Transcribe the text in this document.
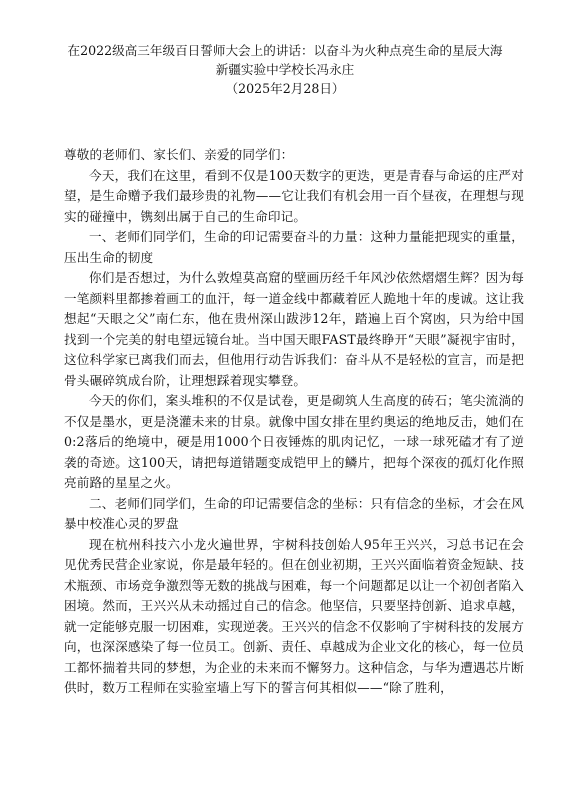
在2022级高三年级百日誓师大会上的讲话：以奋斗为火种点亮生命的星辰大海
新疆实验中学校长冯永庄
（2025年2月28日）

尊敬的老师们、家长们、亲爱的同学们：

今天，我们在这里，看到不仅是100天数字的更迭，更是青春与命运的庄严对望，是生命赠予我们最珍贵的礼物——它让我们有机会用一百个昼夜，在理想与现实的碰撞中，镌刻出属于自己的生命印记。

一、老师们同学们，生命的印记需要奋斗的力量：这种力量能把现实的重量，压出生命的韧度

你们是否想过，为什么敦煌莫高窟的壁画历经千年风沙依然熠熠生辉？因为每一笔颜料里都掺着画工的血汗，每一道金线中都藏着匠人跪地十年的虔诚。这让我想起“天眼之父”南仁东，他在贵州深山跋涉12年，踏遍上百个窝凼，只为给中国找到一个完美的射电望远镜台址。当中国天眼FAST最终睁开“天眼”凝视宇宙时，这位科学家已离我们而去，但他用行动告诉我们：奋斗从不是轻松的宣言，而是把骨头碾碎筑成台阶，让理想踩着现实攀登。

今天的你们，案头堆积的不仅是试卷，更是砌筑人生高度的砖石；笔尖流淌的不仅是墨水，更是浇灌未来的甘泉。就像中国女排在里约奥运的绝地反击，她们在0:2落后的绝境中，硬是用1000个日夜锤炼的肌肉记忆，一球一球死磕才有了逆袭的奇迹。这100天，请把每道错题变成铠甲上的鳞片，把每个深夜的孤灯化作照亮前路的星星之火。

二、老师们同学们，生命的印记需要信念的坐标：只有信念的坐标，才会在风暴中校准心灵的罗盘

现在杭州科技六小龙火遍世界，宇树科技创始人95年王兴兴，习总书记在会见优秀民营企业家说，你是最年轻的。但在创业初期，王兴兴面临着资金短缺、技术瓶颈、市场竞争激烈等无数的挑战与困难，每一个问题都足以让一个初创者陷入困境。然而，王兴兴从未动摇过自己的信念。他坚信，只要坚持创新、追求卓越，就一定能够克服一切困难，实现逆袭。王兴兴的信念不仅影响了宇树科技的发展方向，也深深感染了每一位员工。创新、责任、卓越成为企业文化的核心，每一位员工都怀揣着共同的梦想，为企业的未来而不懈努力。这种信念，与华为遭遇芯片断供时，数万工程师在实验室墙上写下的誓言何其相似——“除了胜利，
